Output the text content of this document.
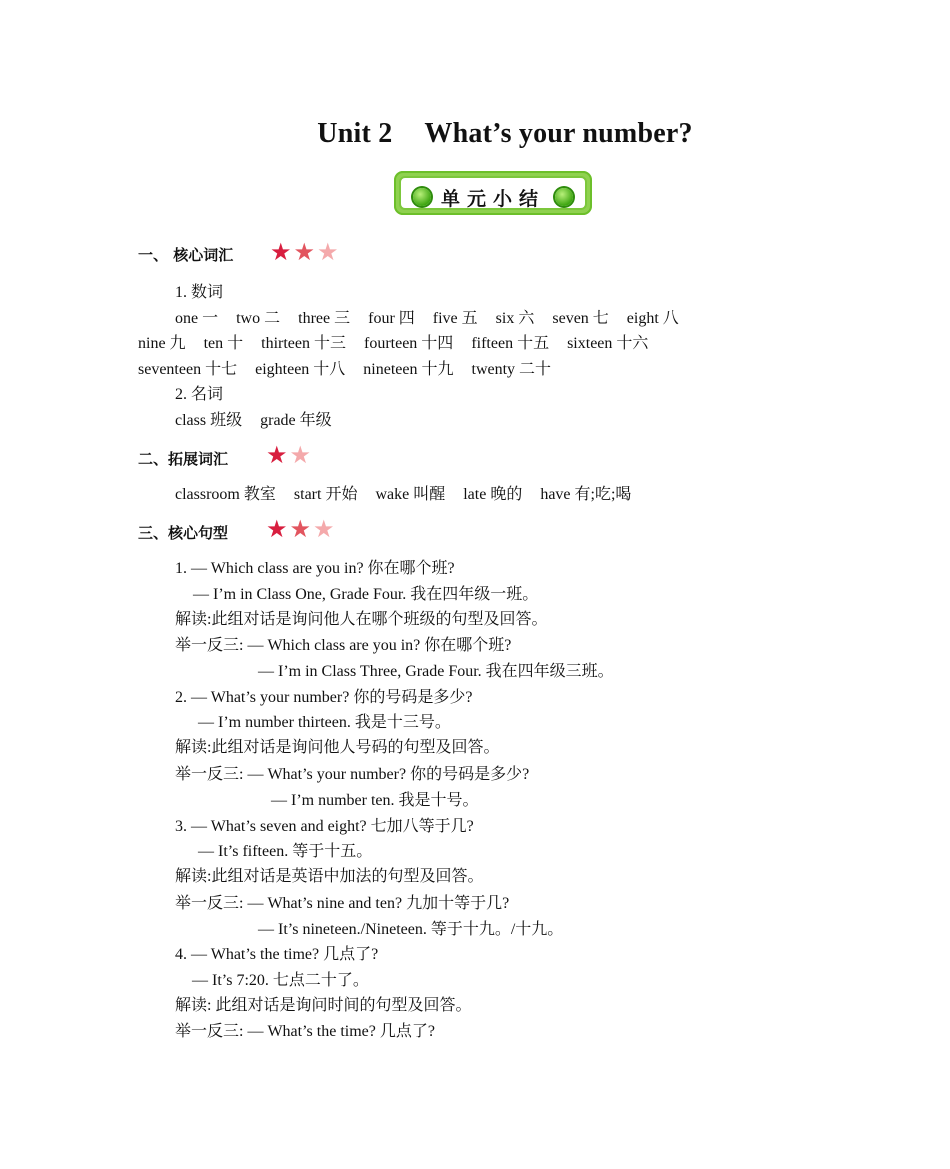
Unit 2 What’s your number?
单元小结
一、 核心词汇 ★ ★ ★
1. 数词
one 一 two 二 three 三 four 四 five 五 six 六 seven 七 eight 八
nine 九 ten 十 thirteen 十三 fourteen 十四 fifteen 十五 sixteen 十六
seventeen 十七 eighteen 十八 nineteen 十九 twenty 二十
2. 名词
class 班级 grade 年级
二、拓展词汇 ★ ★
classroom 教室 start 开始 wake 叫醒 late 晚的 have 有;吃;喝
三、核心句型 ★ ★ ★
1. — Which class are you in? 你在哪个班?
— I’m in Class One, Grade Four. 我在四年级一班。
解读:此组对话是询问他人在哪个班级的句型及回答。
举一反三: — Which class are you in? 你在哪个班?
— I’m in Class Three, Grade Four. 我在四年级三班。
2. — What’s your number? 你的号码是多少?
— I’m number thirteen. 我是十三号。
解读:此组对话是询问他人号码的句型及回答。
举一反三: — What’s your number? 你的号码是多少?
— I’m number ten. 我是十号。
3. — What’s seven and eight? 七加八等于几?
— It’s fifteen. 等于十五。
解读:此组对话是英语中加法的句型及回答。
举一反三: — What’s nine and ten? 九加十等于几?
— It’s nineteen./Nineteen. 等于十九。/十九。
4. — What’s the time? 几点了?
— It’s 7:20. 七点二十了。
解读: 此组对话是询问时间的句型及回答。
举一反三: — What’s the time? 几点了?
